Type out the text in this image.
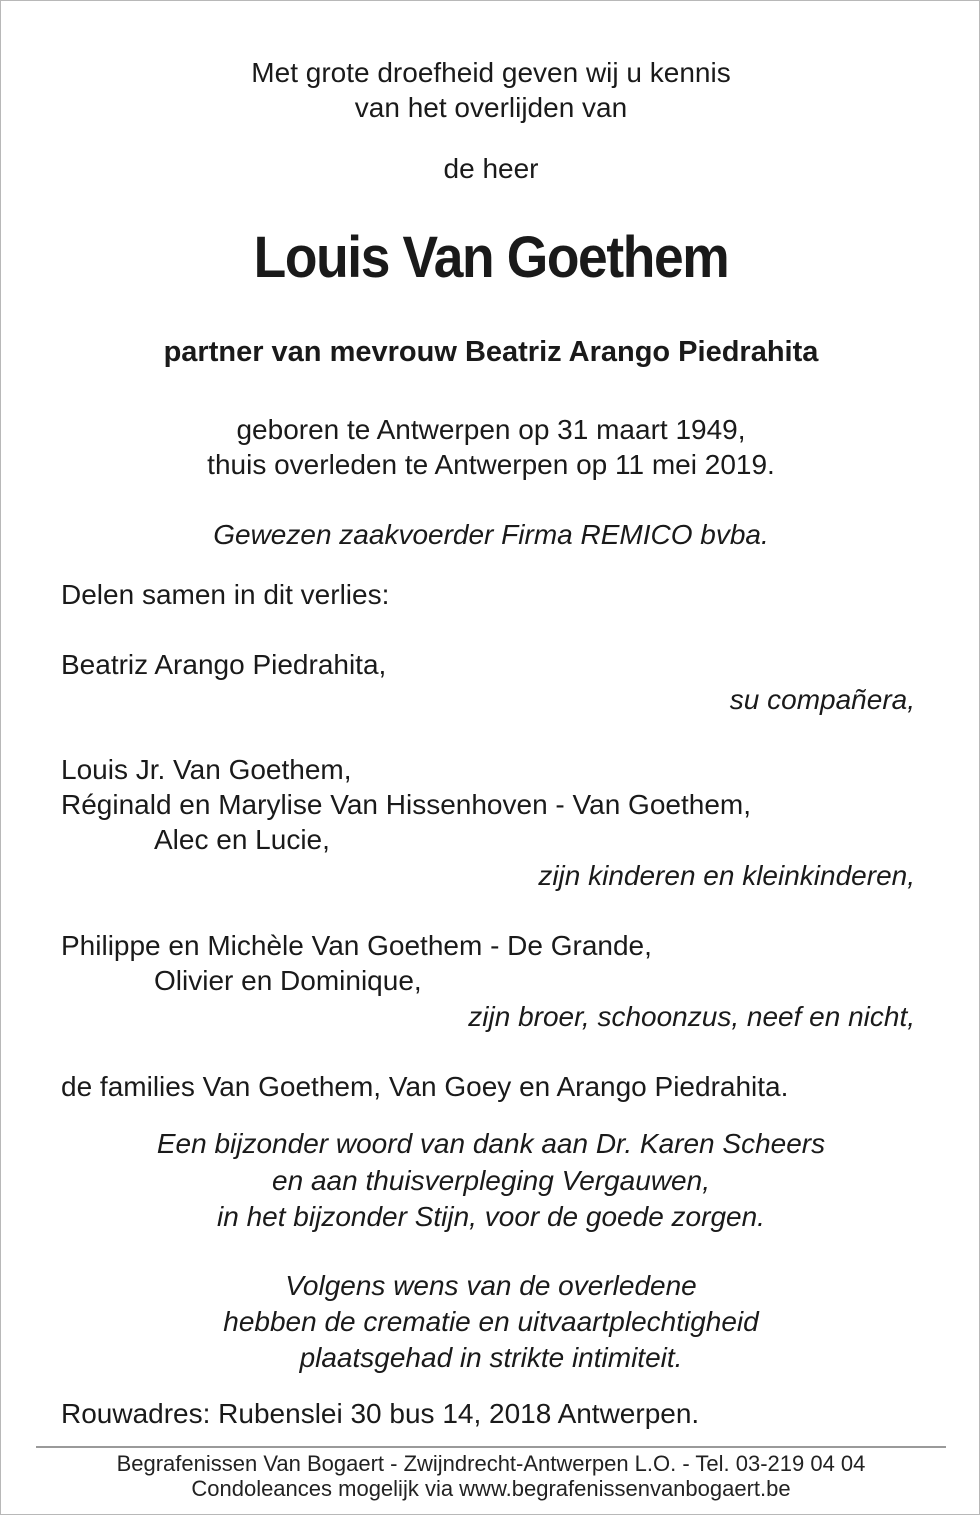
Met grote droefheid geven wij u kennis

van het overlijden van

de heer

Louis Van Goethem

partner van mevrouw Beatriz Arango Piedrahita

geboren te Antwerpen op 31 maart 1949,

thuis overleden te Antwerpen op 11 mei 2019.

Gewezen zaakvoerder Firma REMICO bvba.

Delen samen in dit verlies:

Beatriz Arango Piedrahita,

su compañera,

Louis Jr. Van Goethem,

Réginald en Marylise Van Hissenhoven - Van Goethem,

Alec en Lucie,

zijn kinderen en kleinkinderen,

Philippe en Michèle Van Goethem - De Grande,

Olivier en Dominique,

zijn broer, schoonzus, neef en nicht,

de families Van Goethem, Van Goey en Arango Piedrahita.

Een bijzonder woord van dank aan Dr. Karen Scheers

en aan thuisverpleging Vergauwen,

in het bijzonder Stijn, voor de goede zorgen.

Volgens wens van de overledene

hebben de crematie en uitvaartplechtigheid

plaatsgehad in strikte intimiteit.

Rouwadres: Rubenslei 30 bus 14, 2018 Antwerpen.

Begrafenissen Van Bogaert - Zwijndrecht-Antwerpen L.O. - Tel. 03-219 04 04

Condoleances mogelijk via www.begrafenissenvanbogaert.be
